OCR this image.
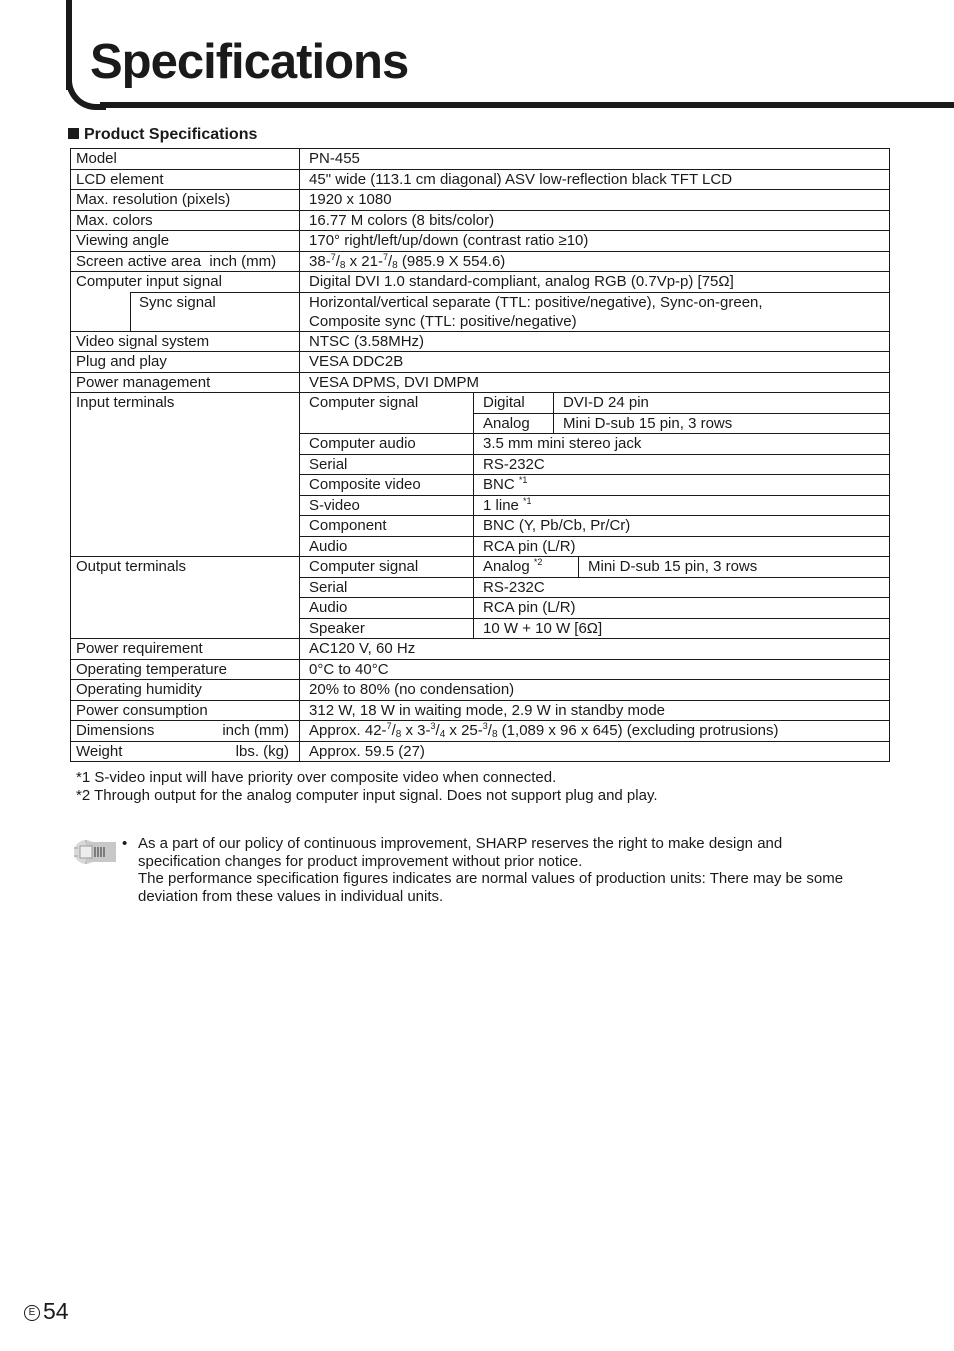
Specifications
Product Specifications
Model		PN-455			
LCD element		45" wide (113.1 cm diagonal) ASV low-reflection black TFT LCD			
Max. resolution (pixels)		1920 x 1080			
Max. colors		16.77 M colors (8 bits/color)			
Viewing angle		170° right/left/up/down (contrast ratio ≥10)			
Screen active area inch (mm)		$38-^7/_8$ x $21-^7/_8$ (985.9 X 554.6)			
Computer input signal		Digital DVI 1.0 standard-compliant, analog RGB (0.7Vp-p) [75Ω]			
	Sync signal	Horizontal/vertical separate (TTL: positive/negative), Sync-on-green,
Composite sync (TTL: positive/negative)			

Video signal system		NTSC (3.58MHz)			
Plug and play		VESA DDC2B			
Power management		VESA DPMS, DVI DMPM			
Input terminals		Computer signal	Digital	DVI-D 24 pin	
			Analog	Mini D-sub 15 pin, 3 rows	
		Computer audio	3.5 mm mini stereo jack		
		Serial	RS-232C		
		Composite video	BNC $^{*1}$
		S-video	1 line $^{*1}$
		Component	BNC (Y, Pb/Cb, Pr/Cr)		
		Audio	RCA pin (L/R)		
Output terminals		Computer signal	Analog $^{*2}$		Mini D-sub 15 pin, 3 rows
		Serial	RS-232C		
		Audio	RCA pin (L/R)		
		Speaker	10 W + 10 W [6Ω]		
Power requirement		AC120 V, 60 Hz			
Operating temperature		0°C to 40°C			
Operating humidity		20% to 80% (no condensation)			
Power consumption		312 W, 18 W in waiting mode, 2.9 W in standby mode			
Dimensions inch (mm)		Approx. $42-^7/_8$ x $3-^3/_4$ x $25-^3/_8$ (1,089 x 96 x 645) (excluding protrusions)			
Weight lbs. (kg)		Approx. 59.5 (27)			
*1 S-video input will have priority over composite video when connected.
*2 Through output for the analog computer input signal. Does not support plug and play.
• As a part of our policy of continuous improvement, SHARP reserves the right to make design and specification changes for product improvement without prior notice.
The performance specification figures indicates are normal values of production units: There may be some deviation from these values in individual units.
E 54
